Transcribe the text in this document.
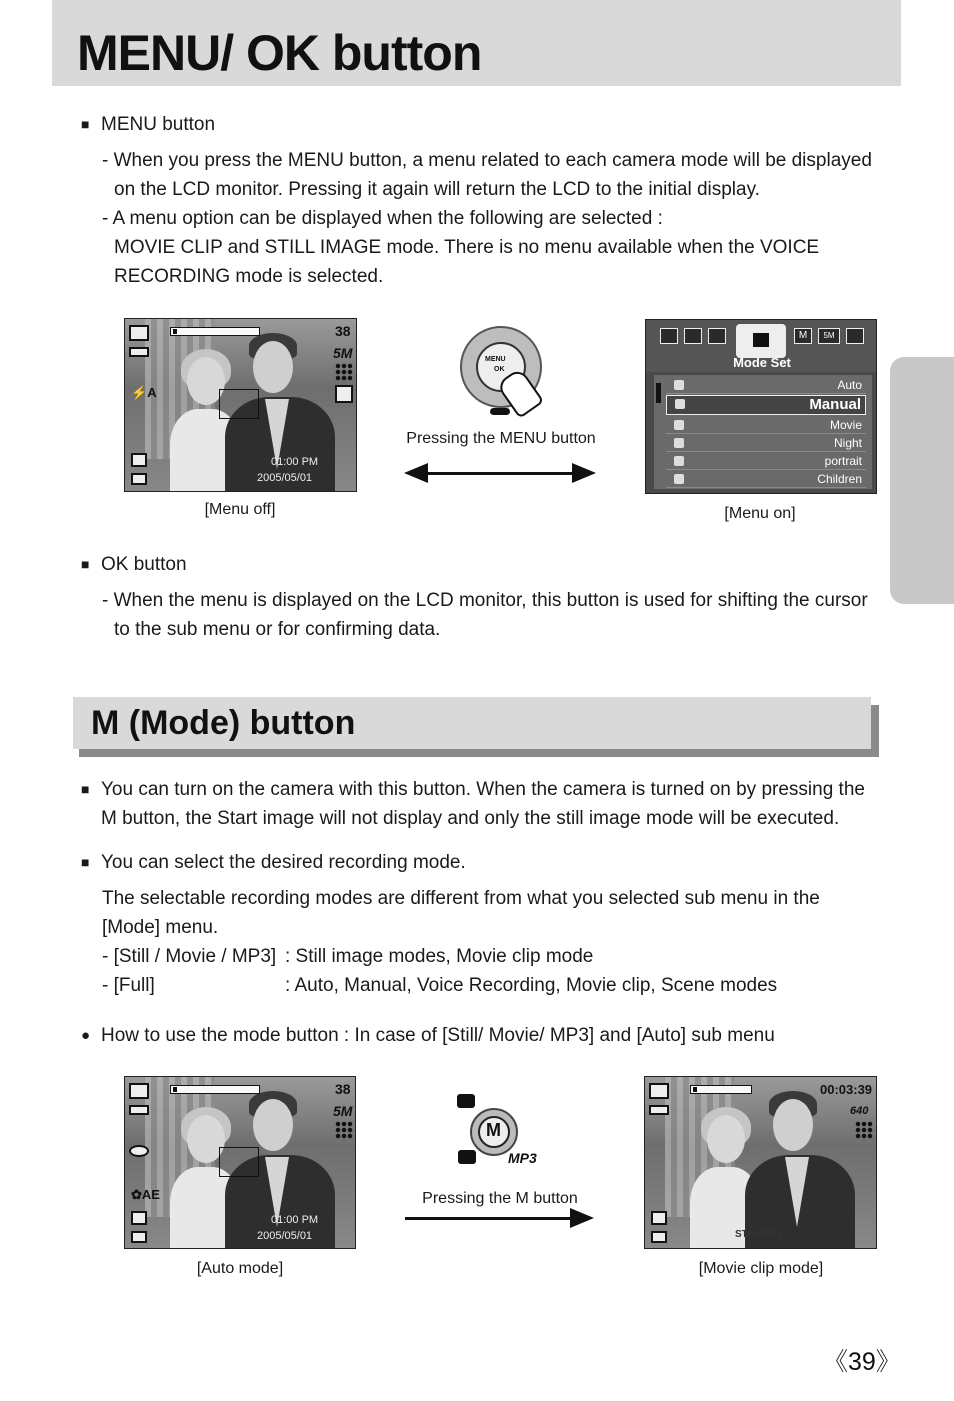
MENU/ OK button
■ MENU button
- When you press the MENU button, a menu related to each camera mode will be displayed
on the LCD monitor. Pressing it again will return the LCD to the initial display.
- A menu option can be displayed when the following are selected :
MOVIE CLIP and STILL IMAGE mode. There is no menu available when the VOICE
RECORDING mode is selected.
38
5M
⚡A
01:00 PM
2005/05/01
[Menu off]
MENU
OK
Pressing the MENU button
M	5M
Mode Set
Auto
Manual
Movie
Night
portrait
Children
[Menu on]
■ OK button
- When the menu is displayed on the LCD monitor, this button is used for shifting the cursor
to the sub menu or for confirming data.
M (Mode) button
■ You can turn on the camera with this button. When the camera is turned on by pressing the
M button, the Start image will not display and only the still image mode will be executed.
■ You can select the desired recording mode.
The selectable recording modes are different from what you selected sub menu in the
[Mode] menu.
- [Still / Movie / MP3] : Still image modes, Movie clip mode
- [Full]	: Auto, Manual, Voice Recording, Movie clip, Scene modes
● How to use the mode button : In case of [Still/ Movie/ MP3] and [Auto] sub menu
38
5M
✿AE
01:00 PM
2005/05/01
[Auto mode]
M
MP3
Pressing the M button
00:03:39
640
STANDBY
[Movie clip mode]
《39》
